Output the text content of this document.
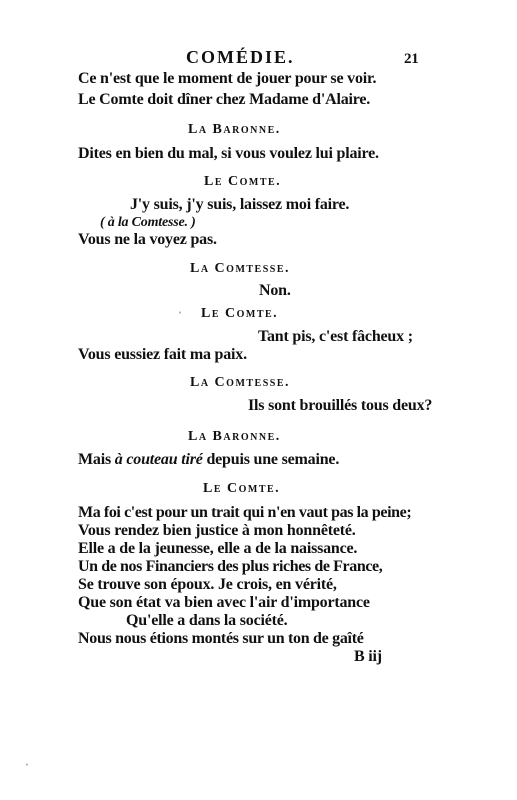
COMÉDIE.	21
Ce n'est que le moment de jouer pour se voir.
Le Comte doit dîner chez Madame d'Alaire.
La Baronne.
Dites en bien du mal, si vous voulez lui plaire.
Le Comte.
J'y suis, j'y suis, laissez moi faire.
( à la Comtesse. )
Vous ne la voyez pas.
La Comtesse.
Non.
Le Comte.
Tant pis, c'est fâcheux ;
Vous eussiez fait ma paix.
La Comtesse.
Ils sont brouillés tous deux?
La Baronne.
Mais à couteau tiré depuis une semaine.
Le Comte.
Ma foi c'est pour un trait qui n'en vaut pas la peine;
Vous rendez bien justice à mon honnêteté.
Elle a de la jeunesse, elle a de la naissance.
Un de nos Financiers des plus riches de France,
Se trouve son époux. Je crois, en vérité,
Que son état va bien avec l'air d'importance
Qu'elle a dans la société.
Nous nous étions montés sur un ton de gaîté
B iij
ˌ
ˌ
